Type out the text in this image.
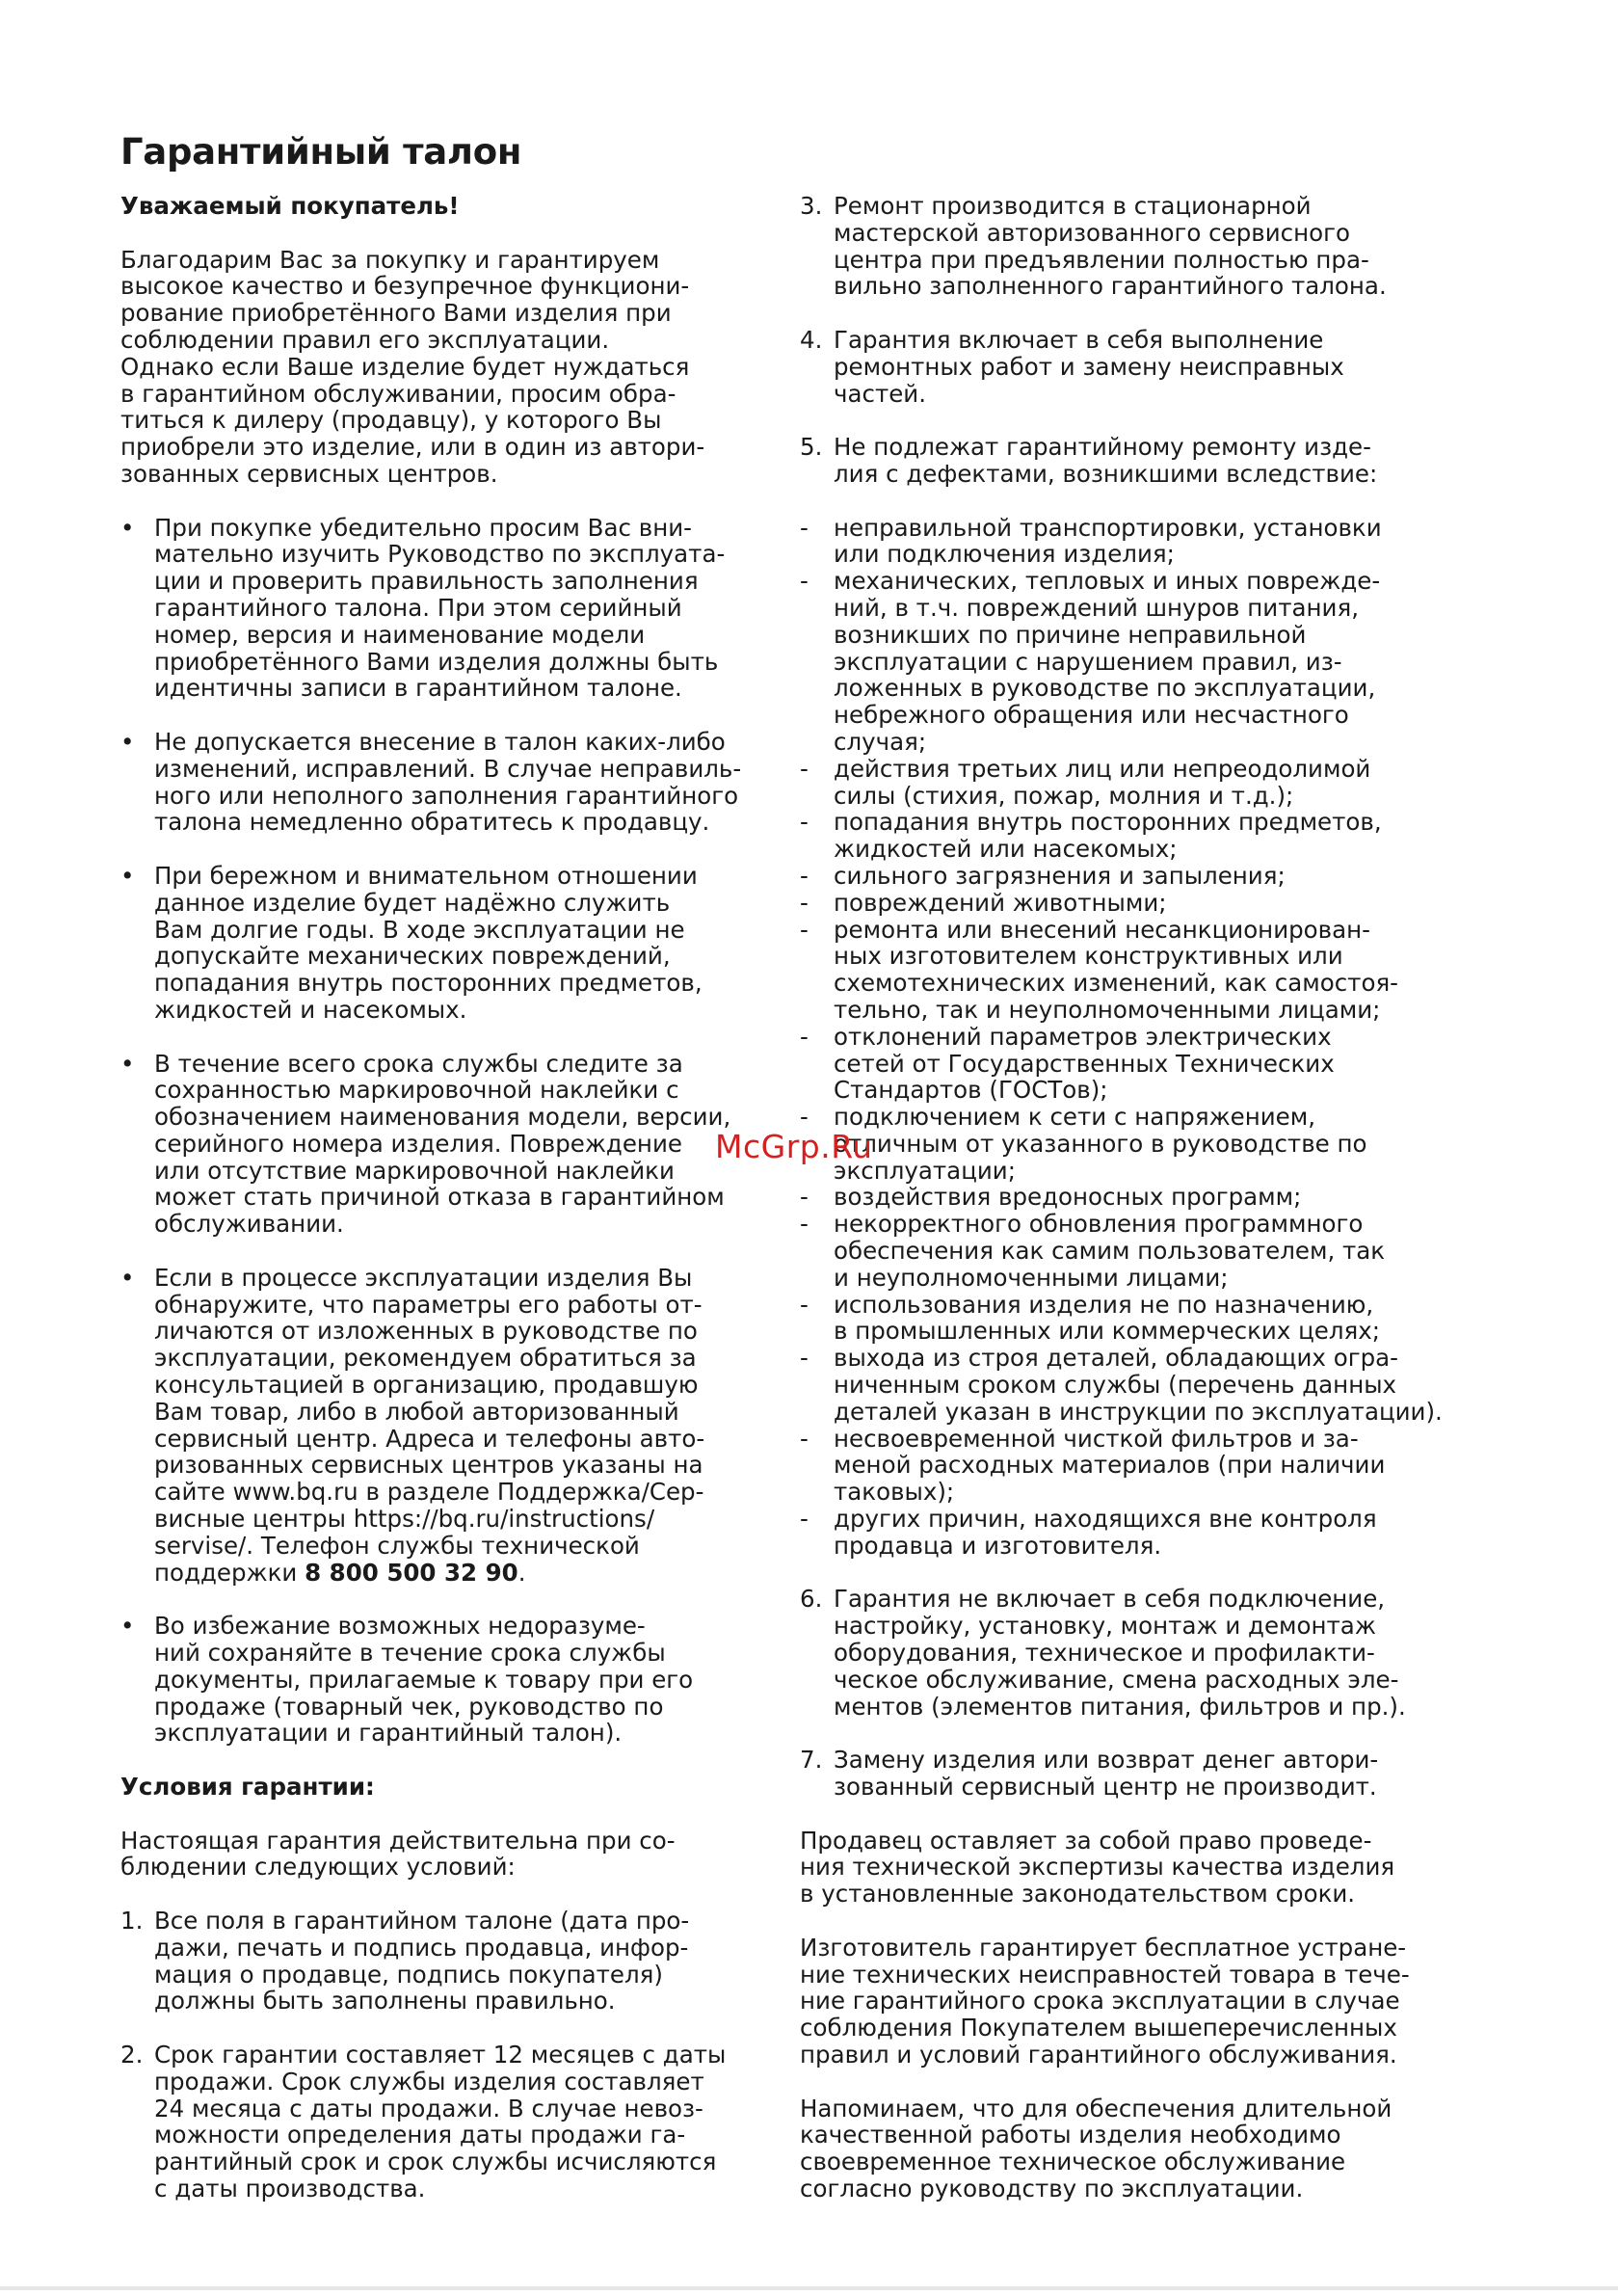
Гарантийный талон

Уважаемый покупатель!

Благодарим Вас за покупку и гарантируем
высокое качество и безупречное функциони-
рование приобретённого Вами изделия при
соблюдении правил его эксплуатации.
Однако если Ваше изделие будет нуждаться
в гарантийном обслуживании, просим обра-
титься к дилеру (продавцу), у которого Вы
приобрели это изделие, или в один из автори-
зованных сервисных центров.

• При покупке убедительно просим Вас вни-
мательно изучить Руководство по эксплуата-
ции и проверить правильность заполнения
гарантийного талона. При этом серийный
номер, версия и наименование модели
приобретённого Вами изделия должны быть
идентичны записи в гарантийном талоне.
• Не допускается внесение в талон каких-либо
изменений, исправлений. В случае неправиль-
ного или неполного заполнения гарантийного
талона немедленно обратитесь к продавцу.
• При бережном и внимательном отношении
данное изделие будет надёжно служить
Вам долгие годы. В ходе эксплуатации не
допускайте механических повреждений,
попадания внутрь посторонних предметов,
жидкостей и насекомых.
• В течение всего срока службы следите за
сохранностью маркировочной наклейки с
обозначением наименования модели, версии,
серийного номера изделия. Повреждение
или отсутствие маркировочной наклейки
может стать причиной отказа в гарантийном
обслуживании.
• Если в процессе эксплуатации изделия Вы
обнаружите, что параметры его работы от-
личаются от изложенных в руководстве по
эксплуатации, рекомендуем обратиться за
консультацией в организацию, продавшую
Вам товар, либо в любой авторизованный
сервисный центр. Адреса и телефоны авто-
ризованных сервисных центров указаны на
сайте www.bq.ru в разделе Поддержка/Сер-
висные центры https://bq.ru/instructions/
servise/. Телефон службы технической
поддержки 8 800 500 32 90.
• Во избежание возможных недоразуме-
ний сохраняйте в течение срока службы
документы, прилагаемые к товару при его
продаже (товарный чек, руководство по
эксплуатации и гарантийный талон).

Условия гарантии:

Настоящая гарантия действительна при со-
блюдении следующих условий:

1. Все поля в гарантийном талоне (дата про-
дажи, печать и подпись продавца, инфор-
мация о продавце, подпись покупателя)
должны быть заполнены правильно.
2. Срок гарантии составляет 12 месяцев с даты
продажи. Срок службы изделия составляет
24 месяца с даты продажи. В случае невоз-
можности определения даты продажи га-
рантийный срок и срок службы исчисляются
с даты производства.
3. Ремонт производится в стационарной
мастерской авторизованного сервисного
центра при предъявлении полностью пра-
вильно заполненного гарантийного талона.
4. Гарантия включает в себя выполнение
ремонтных работ и замену неисправных
частей.
5. Не подлежат гарантийному ремонту изде-
лия с дефектами, возникшими вследствие:
- неправильной транспортировки, установки
или подключения изделия;
- механических, тепловых и иных поврежде-
ний, в т.ч. повреждений шнуров питания,
возникших по причине неправильной
эксплуатации с нарушением правил, из-
ложенных в руководстве по эксплуатации,
небрежного обращения или несчастного
случая;
- действия третьих лиц или непреодолимой
силы (стихия, пожар, молния и т.д.);
- попадания внутрь посторонних предметов,
жидкостей или насекомых;
- сильного загрязнения и запыления;
- повреждений животными;
- ремонта или внесений несанкционирован-
ных изготовителем конструктивных или
схемотехнических изменений, как самостоя-
тельно, так и неуполномоченными лицами;
- отклонений параметров электрических
сетей от Государственных Технических
Стандартов (ГОСТов);
- подключением к сети с напряжением,
отличным от указанного в руководстве по
эксплуатации;
- воздействия вредоносных программ;
- некорректного обновления программного
обеспечения как самим пользователем, так
и неуполномоченными лицами;
- использования изделия не по назначению,
в промышленных или коммерческих целях;
- выхода из строя деталей, обладающих огра-
ниченным сроком службы (перечень данных
деталей указан в инструкции по эксплуатации).
- несвоевременной чисткой фильтров и за-
меной расходных материалов (при наличии
таковых);
- других причин, находящихся вне контроля
продавца и изготовителя.
6. Гарантия не включает в себя подключение,
настройку, установку, монтаж и демонтаж
оборудования, техническое и профилакти-
ческое обслуживание, смена расходных эле-
ментов (элементов питания, фильтров и пр.).
7. Замену изделия или возврат денег автори-
зованный сервисный центр не производит.

Продавец оставляет за собой право проведе-
ния технической экспертизы качества изделия
в установленные законодательством сроки.

Изготовитель гарантирует бесплатное устране-
ние технических неисправностей товара в тече-
ние гарантийного срока эксплуатации в случае
соблюдения Покупателем вышеперечисленных
правил и условий гарантийного обслуживания.

Напоминаем, что для обеспечения длительной
качественной работы изделия необходимо
своевременное техническое обслуживание
согласно руководству по эксплуатации.

McGrp.Ru
